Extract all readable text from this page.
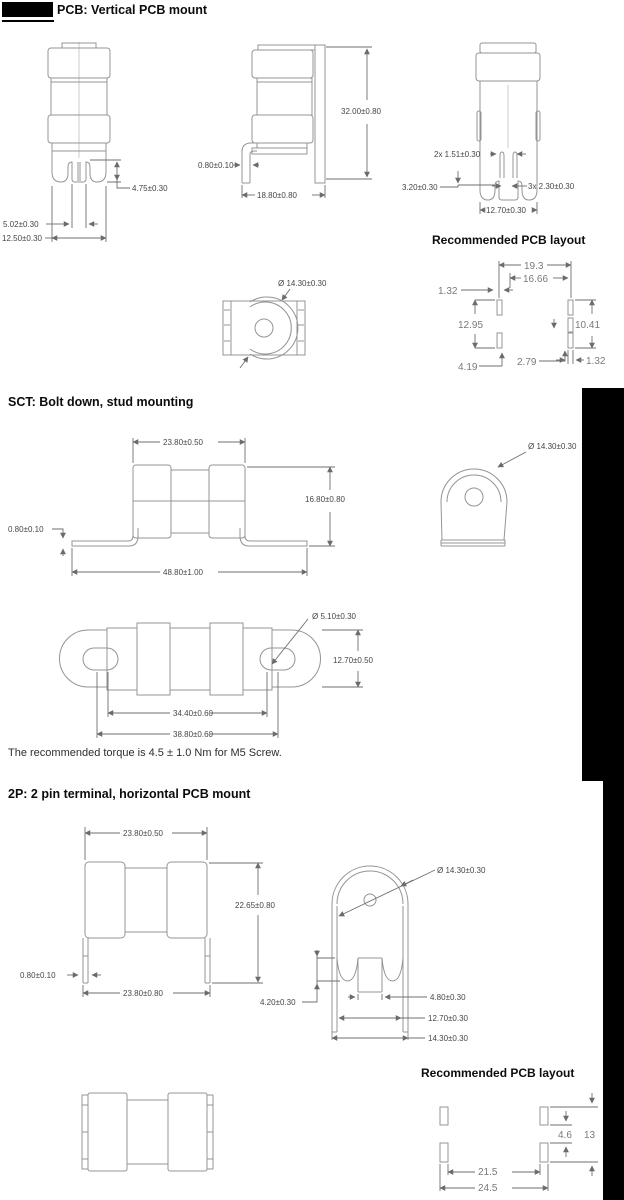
PCB: Vertical PCB mount
4.75±0.30
5.02±0.30
12.50±0.30
32.00±0.80
0.80±0.10
18.80±0.80
2x 1.51±0.30
3.20±0.30	3x 2.30±0.30
12.70±0.30
Ø 14.30±0.30
Recommended PCB layout
19.3
16.66
1.32
12.95
4.19	2.79
10.41
1.32
SCT: Bolt down, stud mounting
23.80±0.50
16.80±0.80
0.80±0.10
48.80±1.00
Ø 14.30±0.30
Ø 5.10±0.30
12.70±0.50
34.40±0.60
38.80±0.60
The recommended torque is 4.5 ± 1.0 Nm for M5 Screw.
2P: 2 pin terminal, horizontal PCB mount
23.80±0.50
22.65±0.80
0.80±0.10
23.80±0.80
Ø 14.30±0.30
4.20±0.30
4.80±0.30
12.70±0.30
14.30±0.30
Recommended PCB layout
4.6 13
21.5
24.5
